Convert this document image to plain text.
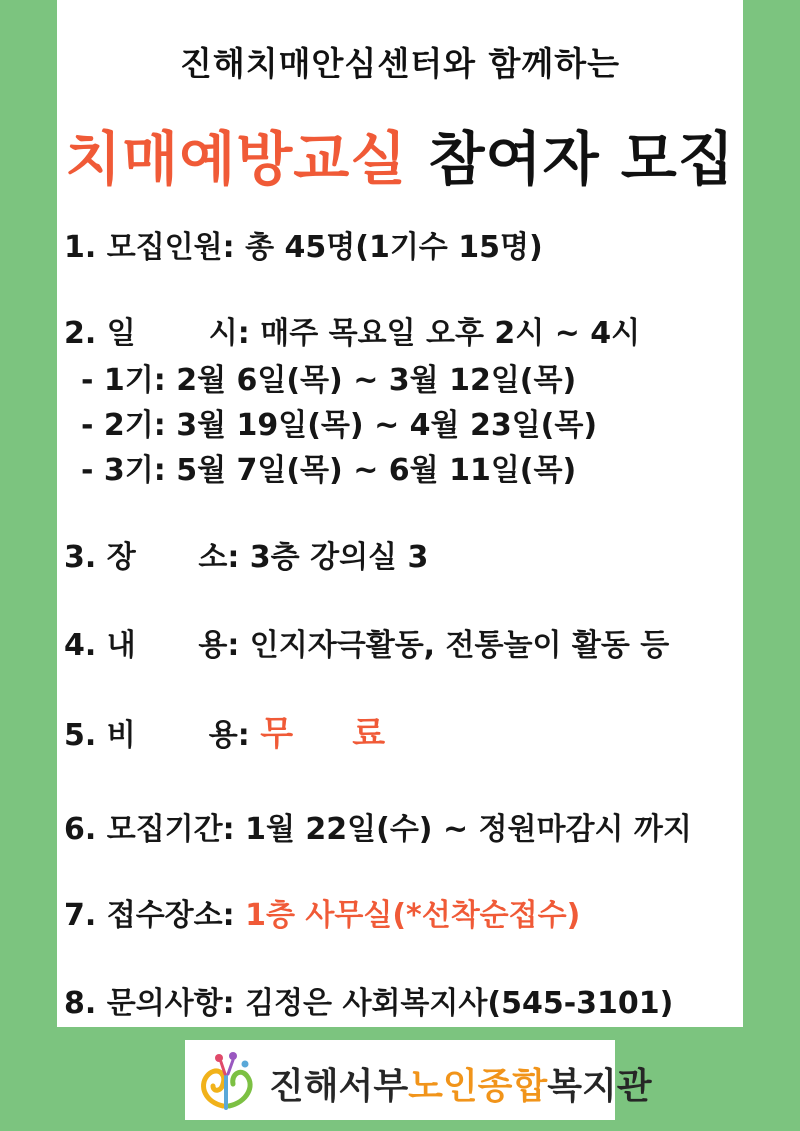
진해치매안심센터와 함께하는
치매예방교실 참여자 모집
1. 모집인원: 총 45명(1기수 15명)
2. 일       시: 매주 목요일 오후 2시 ~ 4시
- 1기: 2월 6일(목) ~ 3월 12일(목)
- 2기: 3월 19일(목) ~ 4월 23일(목)
- 3기: 5월 7일(목) ~ 6월 11일(목)
3. 장      소: 3층 강의실 3
4. 내      용: 인지자극활동, 전통놀이 활동 등
5. 비       용: 무     료
6. 모집기간: 1월 22일(수) ~ 정원마감시 까지
7. 접수장소: 1층 사무실(*선착순접수)
8. 문의사항: 김정은 사회복지사(545-3101)
진해서부노인종합복지관
